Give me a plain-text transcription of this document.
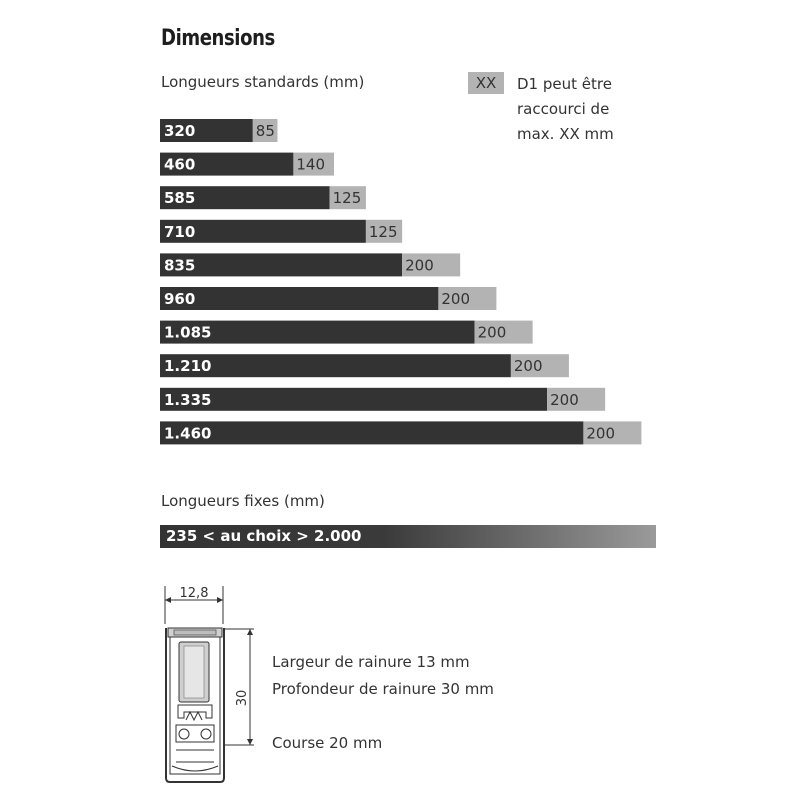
Dimensions
Longueurs standards (mm)	XX	D1 peut être
raccourci de
max. XX mm
320	85
460	140
585	125
710	125
835	200
960	200
1.085	200
1.210	200
1.335	200
1.460	200
Longueurs fixes (mm)
235 < au choix > 2.000
12,8
30
Largeur de rainure 13 mm
Profondeur de rainure 30 mm
Course 20 mm
